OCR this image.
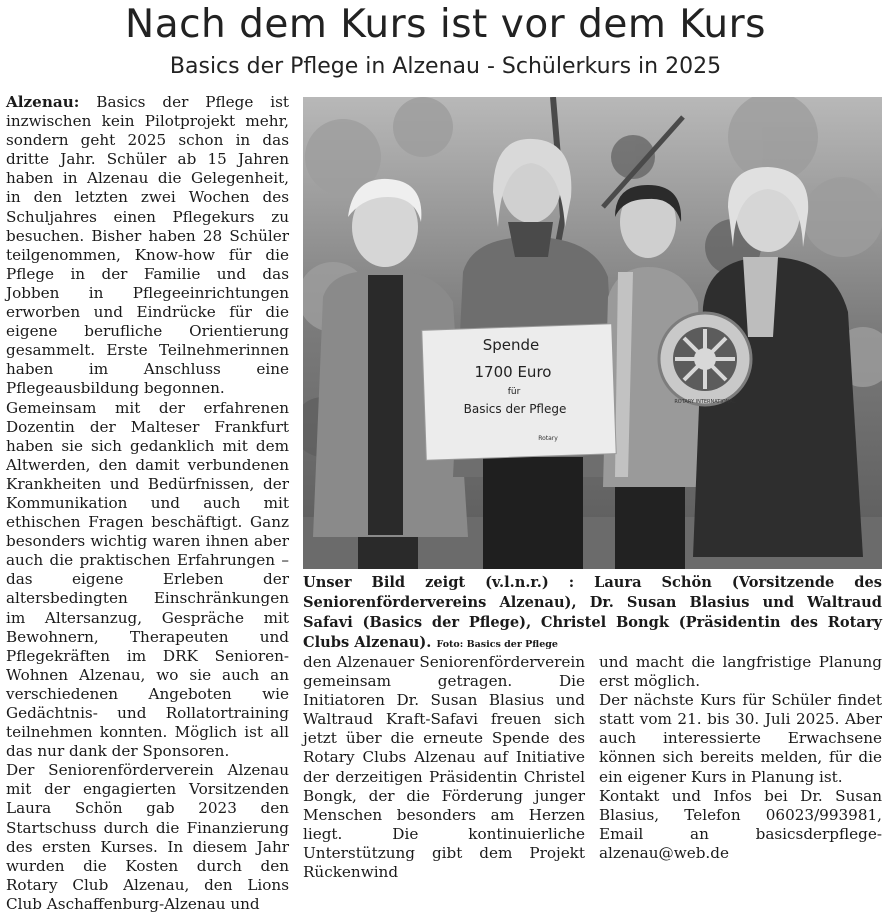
Nach dem Kurs ist vor dem Kurs
Basics der Pflege in Alzenau - Schülerkurs in 2025

Alzenau: Basics der Pflege ist inzwischen kein Pilotprojekt mehr, sondern geht 2025 schon in das dritte Jahr. Schüler ab 15 Jahren haben in Alzenau die Gelegenheit, in den letzten zwei Wochen des Schuljahres einen Pflegekurs zu besuchen. Bisher haben 28 Schüler teilgenommen, Know-how für die Pflege in der Familie und das Jobben in Pflegeeinrichtungen erworben und Eindrücke für die eigene berufliche Orientierung gesammelt. Erste Teilnehmerinnen haben im Anschluss eine Pflegeausbildung begonnen.

Gemeinsam mit der erfahrenen Dozentin der Malteser Frankfurt haben sie sich gedanklich mit dem Altwerden, den damit verbundenen Krankheiten und Bedürfnissen, der Kommunikation und auch mit ethischen Fragen beschäftigt. Ganz besonders wichtig waren ihnen aber auch die praktischen Erfahrungen – das eigene Erleben der altersbedingten Einschränkungen im Altersanzug, Gespräche mit Bewohnern, Therapeuten und Pflegekräften im DRK Senioren-Wohnen Alzenau, wo sie auch an verschiedenen Angeboten wie Gedächtnis- und Rollatortraining teilnehmen konnten. Möglich ist all das nur dank der Sponsoren.

Der Seniorenförderverein Alzenau mit der engagierten Vorsitzenden Laura Schön gab 2023 den Startschuss durch die Finanzierung des ersten Kurses. In diesem Jahr wurden die Kosten durch den Rotary Club Alzenau, den Lions Club Aschaffenburg-Alzenau und

Spende
1700 Euro
für
Basics der Pflege
Rotary
ROTARY INTERNATIONAL
Unser Bild zeigt (v.l.n.r.) : Laura Schön (Vorsitzende des Seniorenfördervereins Alzenau), Dr. Susan Blasius und Waltraud Safavi (Basics der Pflege), Christel Bongk (Präsidentin des Rotary Clubs Alzenau). Foto: Basics der Pflege

den Alzenauer Seniorenförderverein gemeinsam getragen. Die Initiatoren Dr. Susan Blasius und Waltraud Kraft-Safavi freuen sich jetzt über die erneute Spende des Rotary Clubs Alzenau auf Initiative der derzeitigen Präsidentin Christel Bongk, der die Förderung junger Menschen besonders am Herzen liegt. Die kontinuierliche Unterstützung gibt dem Projekt Rückenwind

und macht die langfristige Planung erst möglich.

Der nächste Kurs für Schüler findet statt vom 21. bis 30. Juli 2025. Aber auch interessierte Erwachsene können sich bereits melden, für die ein eigener Kurs in Planung ist.

Kontakt und Infos bei Dr. Susan Blasius, Telefon 06023/993981, Email an basicsderpflege-alzenau@web.de
